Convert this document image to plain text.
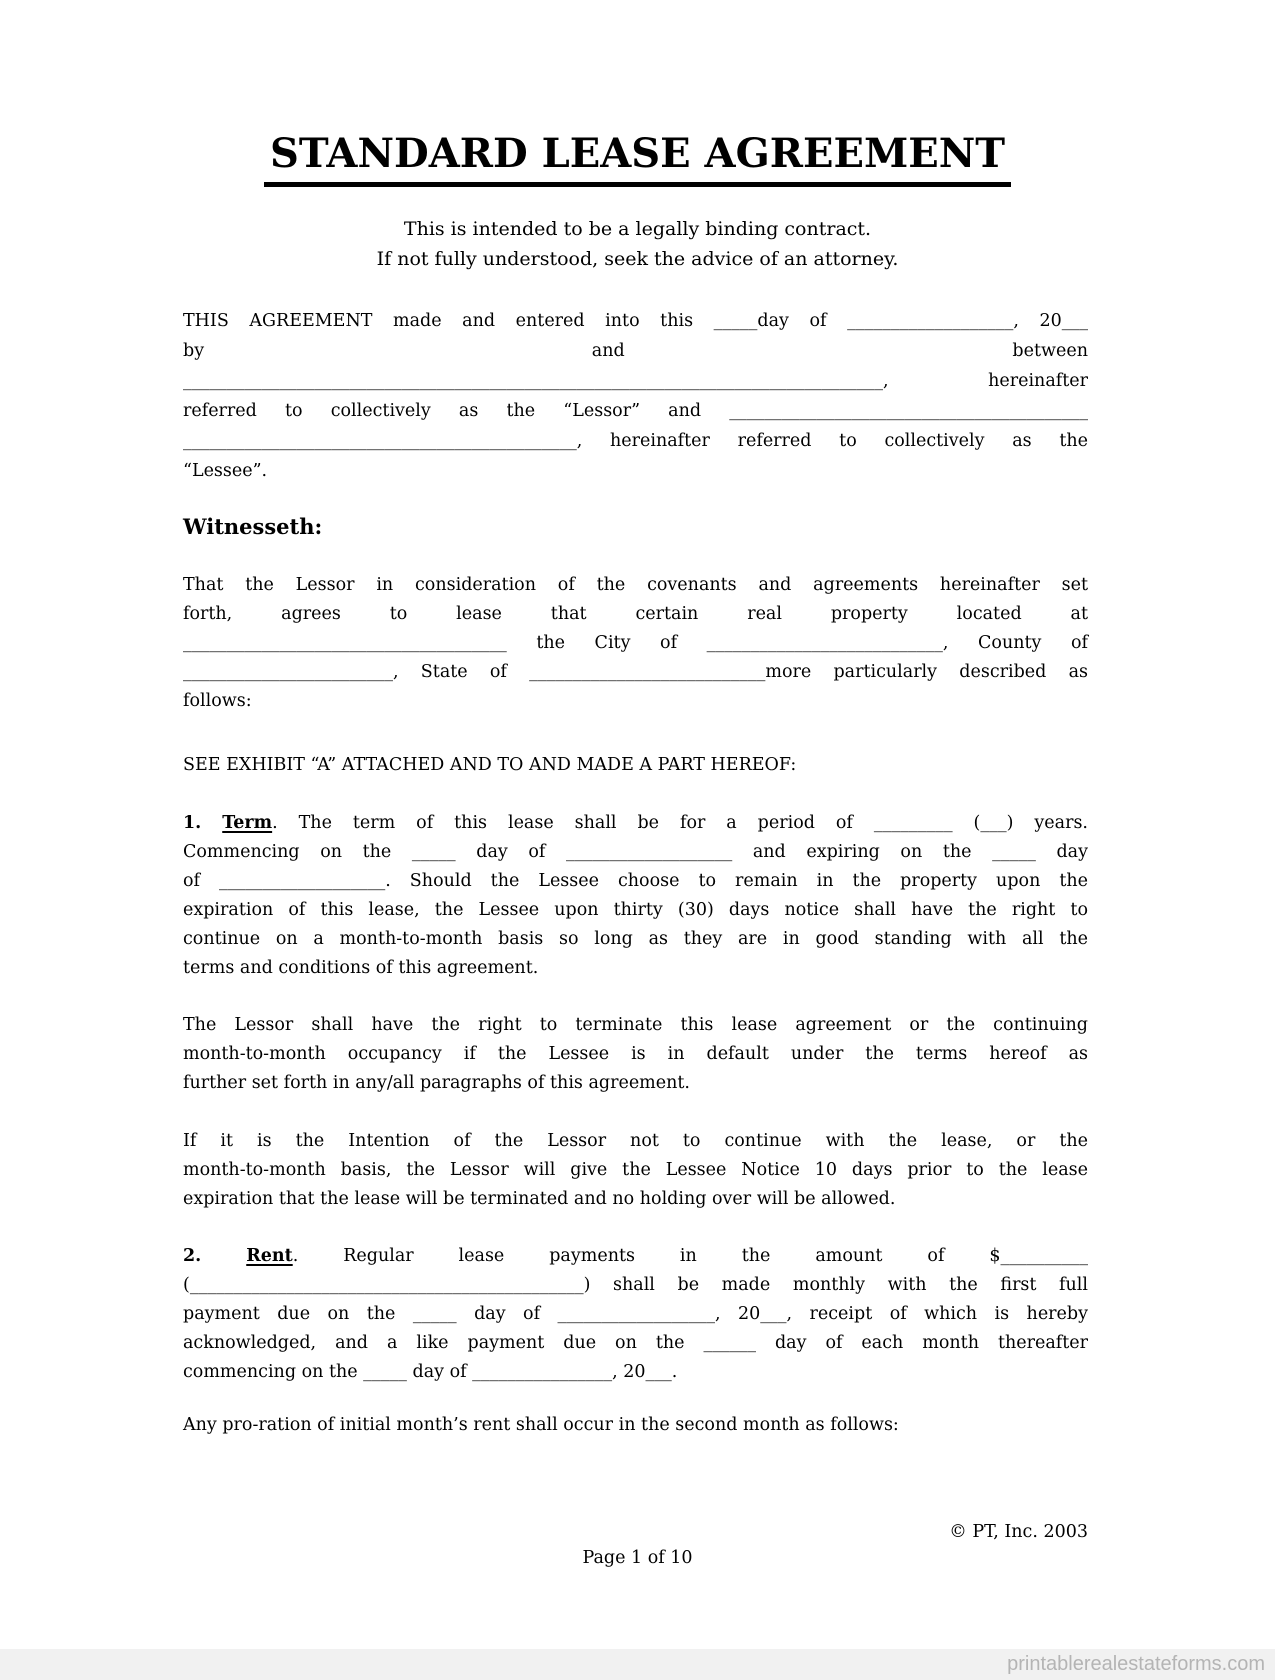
STANDARD LEASE AGREEMENT
This is intended to be a legally binding contract.
If not fully understood, seek the advice of an attorney.
THIS AGREEMENT made and entered into this _____day of ___________________, 20___
by and between
________________________________________________________________________________, hereinafter
referred to collectively as the “Lessor” and _________________________________________
_____________________________________________, hereinafter referred to collectively as the
“Lessee”.
Witnesseth:
That the Lessor in consideration of the covenants and agreements hereinafter set
forth, agrees to lease that certain real property located at
_____________________________________ the City of ___________________________, County of
________________________, State of ___________________________more particularly described as
follows:
SEE EXHIBIT “A” ATTACHED AND TO AND MADE A PART HEREOF:
1. Term. The term of this lease shall be for a period of _________ (___) years.
Commencing on the _____ day of ___________________ and expiring on the _____ day
of ___________________. Should the Lessee choose to remain in the property upon the
expiration of this lease, the Lessee upon thirty (30) days notice shall have the right to
continue on a month-to-month basis so long as they are in good standing with all the
terms and conditions of this agreement.
The Lessor shall have the right to terminate this lease agreement or the continuing
month-to-month occupancy if the Lessee is in default under the terms hereof as
further set forth in any/all paragraphs of this agreement.
If it is the Intention of the Lessor not to continue with the lease, or the
month-to-month basis, the Lessor will give the Lessee Notice 10 days prior to the lease
expiration that the lease will be terminated and no holding over will be allowed.
2.	Rent. Regular lease payments in the amount of $__________
(_____________________________________________) shall be made monthly with the first full
payment due on the _____ day of __________________, 20___, receipt of which is hereby
acknowledged, and a like payment due on the ______ day of each month thereafter
commencing on the _____ day of ________________, 20___.
Any pro-ration of initial month’s rent shall occur in the second month as follows:
© PT, Inc. 2003
Page 1 of 10
printablerealestateforms.com
